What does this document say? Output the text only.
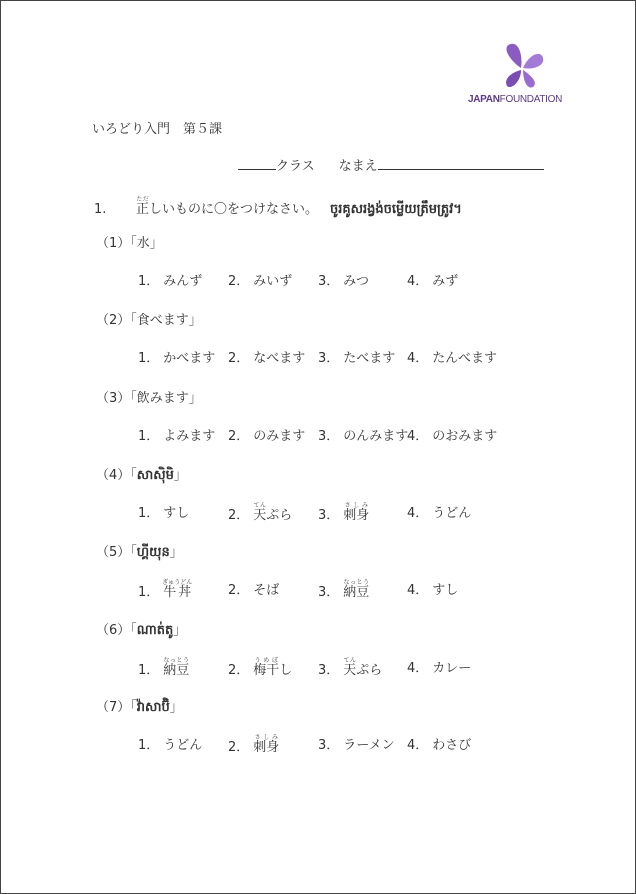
JAPANFOUNDATION
いろどり入門　第５課
クラス なまえ
1. 正ただしいものに〇をつけなさい。 ចូរគូសរង្វង់ចម្លើយត្រឹមត្រូវ។
（1）「水」
1． みんず 2． みいず 3． みつ	4． みず
（2）「食べます」
1． かべます 2． なべます 3． たべます 4． たんべます
（3）「飲みます」
1． よみます 2． のみます 3． のんみます
4． のおみます
（4）「សាស៊ិមិ」
1． すし	2． 天てんぷら 3． 刺身さしみ
4． うどん
（5）「ហ្គីយុន」
1． 牛丼ぎゅうどん
2． そば	3． 納豆なっとう
4． すし
（6）「ណាត់តូ」
1． 納豆なっとう
2． 梅干うめぼし 3． 天てんぷら 4． カレー
（7）「វ៉ាសាប៊ិ」
1． うどん 2． 刺身さしみ
3． ラーメン 4． わさび
